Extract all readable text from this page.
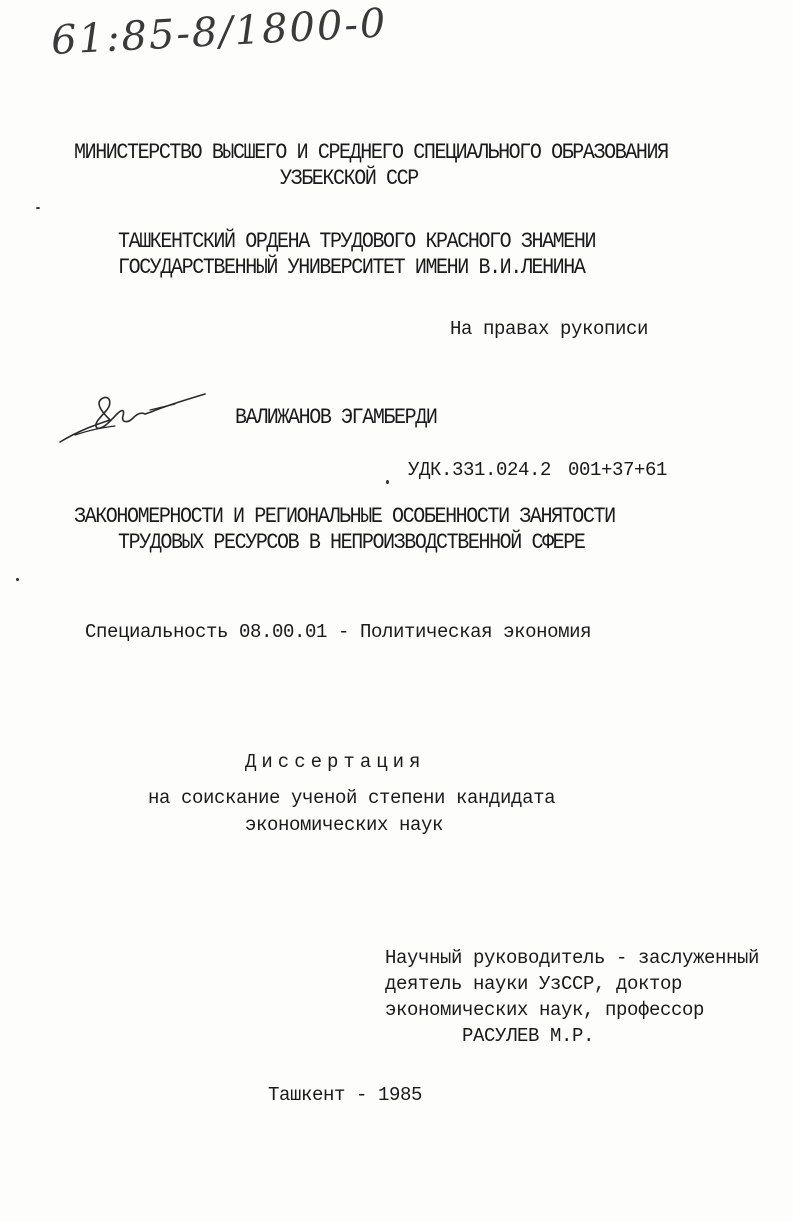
61:85-8/1800-0
МИНИСТЕРСТВО ВЫСШЕГО И СРЕДНЕГО СПЕЦИАЛЬНОГО ОБРАЗОВАНИЯ
УЗБЕКСКОЙ ССР
ТАШКЕНТСКИЙ ОРДЕНА ТРУДОВОГО КРАСНОГО ЗНАМЕНИ
ГОСУДАРСТВЕННЫЙ УНИВЕРСИТЕТ ИМЕНИ В.И.ЛЕНИНА
На правах рукописи
ВАЛИЖАНОВ ЭГАМБЕРДИ
УДК.331.024.2 001+37+61
ЗАКОНОМЕРНОСТИ И РЕГИОНАЛЬНЫЕ ОСОБЕННОСТИ ЗАНЯТОСТИ
ТРУДОВЫХ РЕСУРСОВ В НЕПРОИЗВОДСТВЕННОЙ СФЕРЕ
Специальность 08.00.01 - Политическая экономия
Диссертация
на соискание ученой степени кандидата
экономических наук
Научный руководитель - заслуженный
деятель науки УзССР, доктор
экономических наук, профессор
РАСУЛЕВ М.Р.
Ташкент - 1985
